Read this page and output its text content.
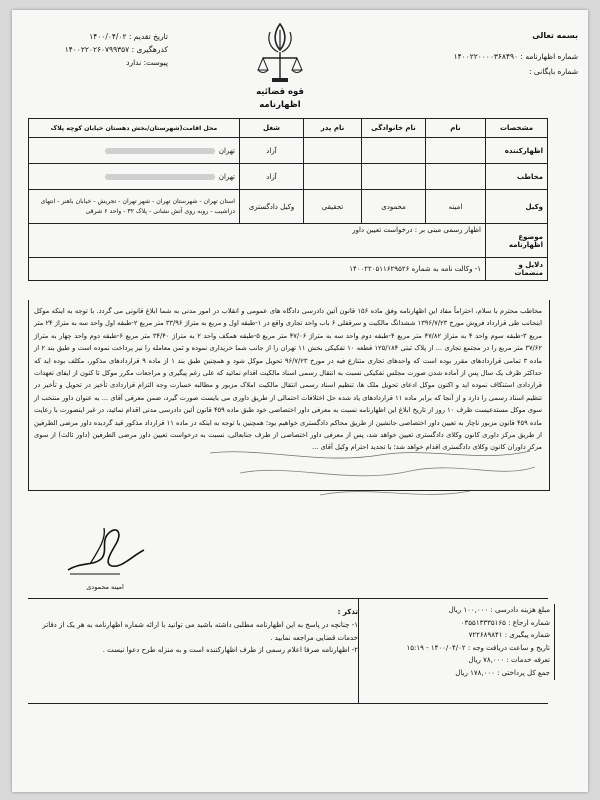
تاریخ تقدیم : ۱۴۰۰/۰۴/۰۲
کدرهگیری : ۱۴۰۰۲۲۰۲۶۰۷۹۹۳۵۷
پیوست: ندارد
بسمه تعالی
شماره اظهارنامه : ۱۴۰۰۲۲۰۰۰۰۳۶۸۴۹۰
شماره بایگانی :
قوه قضائیه
اظهارنامه
مشخصات	نام	نام خانوادگی	نام پدر	شغل	محل اقامت(شهرستان/بخش دهستان خیابان کوچه پلاک
اظهارکننده				آزاد	تهران
مخاطب				آزاد	تهران
وکیل	امینه	محمودی	تحقیقی	وکیل دادگستری	استان تهران - شهرستان تهران - شهر تهران - تجریش - خیابان باهنر - انتهای دزاشیب - روبه روی آتش نشانی - پلاک ۳۲ - واحد ۶ شرقی
موضوع اظهارنامه	اظهار رسمی مبنی بر : درخواست تعیین داور				
دلایل و منضمات	۱- وکالت نامه به شماره ۱۴۰۰۲۲۰۵۱۱۶۲۹۵۲۶				
مخاطب محترم با سلام، احتراماً مفاد این اظهارنامه وفق ماده ۱۵۶ قانون آئین دادرسی دادگاه های عمومی و انقلاب در امور مدنی به شما ابلاغ قانونی می گردد. با توجه به اینکه موکل اینجانب طی قرارداد فروش مورخ ۱۳۹۶/۷/۲۳ ششدانگ مالکیت و سرقفلی ۶ باب واحد تجاری واقع در ۱-طبقه اول و مربع به متراژ ۳۳/۹۶ متر مربع ۲-طبقه اول واحد سه به متراژ ۲۴ متر مربع ۳-طبقه سوم واحد ۴ به متراژ ۴۷/۸۲ متر مربع ۴-طبقه دوم واحد سه به متراژ ۴۷/۰۶ متر مربع ۵-طبقه همکف واحد ۲ به متراژ ۳۴/۴۰ متر مربع ۶-طبقه دوم واحد چهار به متراژ ۳۷/۶۲ متر مربع را در مجتمع تجاری ... از پلاک ثبتی ۱۲۵/۱۸۴ قطعه ۱۰ تفکیکی بخش ۱۱ تهران را از جانب شما خریداری نموده و ثمن معامله را نیز پرداخت نموده است و طبق بند ۲ از ماده ۳ تمامی قراردادهای مقرر بوده است که واحدهای تجاری متنازع فیه در مورخ ۹۶/۷/۲۳ تحویل موکل شود و همچنین طبق بند ۱ از ماده ۹ قراردادهای مذکور، مکلف بوده اید که حداکثر ظرف یک سال پس از آماده شدن صورت مجلس تفکیکی نسبت به انتقال رسمی اسناد مالکیت اقدام نمائید که علی رغم پیگیری و مراجعات مکرر موکل تا کنون از ایفای تعهدات قراردادی استنکاف نموده اید و اکنون موکل ادعای تحویل ملک ها، تنظیم اسناد رسمی انتقال مالکیت املاک مزبور و مطالبه خسارت وجه التزام قراردادی تأخیر در تحویل و تأخیر در تنظیم اسناد رسمی را دارد و از آنجا که برابر ماده ۱۱ قراردادهای یاد شده حل اختلافات احتمالی از طریق داوری می بایست صورت گیرد، ضمن معرفی آقای ... به عنوان داور منتخب از سوی موکل مستدعیست ظرف ۱۰ روز از تاریخ ابلاغ این اظهارنامه نسبت به معرفی داور اختصاصی خود طبق ماده ۴۵۹ قانون آئین دادرسی مدنی اقدام نمائید، در غیر اینصورت با رعایت ماده ۴۵۹ قانون مزبور ناچار به تعیین داور اختصاصی جانشین از طریق محاکم دادگستری خواهیم بود؛ همچنین با توجه به اینکه در ماده ۱۱ قرارداد مذکور قید گردیده داور مرضی الطرفین از طریق مرکز داوری کانون وکلای دادگستری تعیین خواهد شد، پس از معرفی داور اختصاصی از طرف جنابعالی، نسبت به درخواست تعیین داور مرضی الطرفین (داور ثالث) از سوی مرکز داوران کانون وکلای دادگستری اقدام خواهد شد؛ با تجدید احترام وکیل آقای ...
امینه محمودی
تذکر :
۱- چنانچه در پاسخ به این اظهارنامه مطلبی داشته باشید می توانید با ارائه شماره اظهارنامه به هر یک از دفاتر خدمات قضایی مراجعه نمایید .
۲- اظهارنامه صرفا اعلام رسمی از طرف اظهارکننده است و به منزله طرح دعوا نیست .
مبلغ هزینه دادرسی : ۱۰۰,۰۰۰ ریال
شماره ارجاع : ۰۳۵۵۱۳۳۳۵۱۶۵
شماره پیگیری : ۷۲۲۶۸۹۸۴۱
تاریخ و ساعت دریافت وجه : ۱۴۰۰/۰۴/۰۲ - ۱۵:۱۹
تعرفه خدمات : ۷۸,۰۰۰ ریال
جمع کل پرداختی : ۱۷۸,۰۰۰ ریال
